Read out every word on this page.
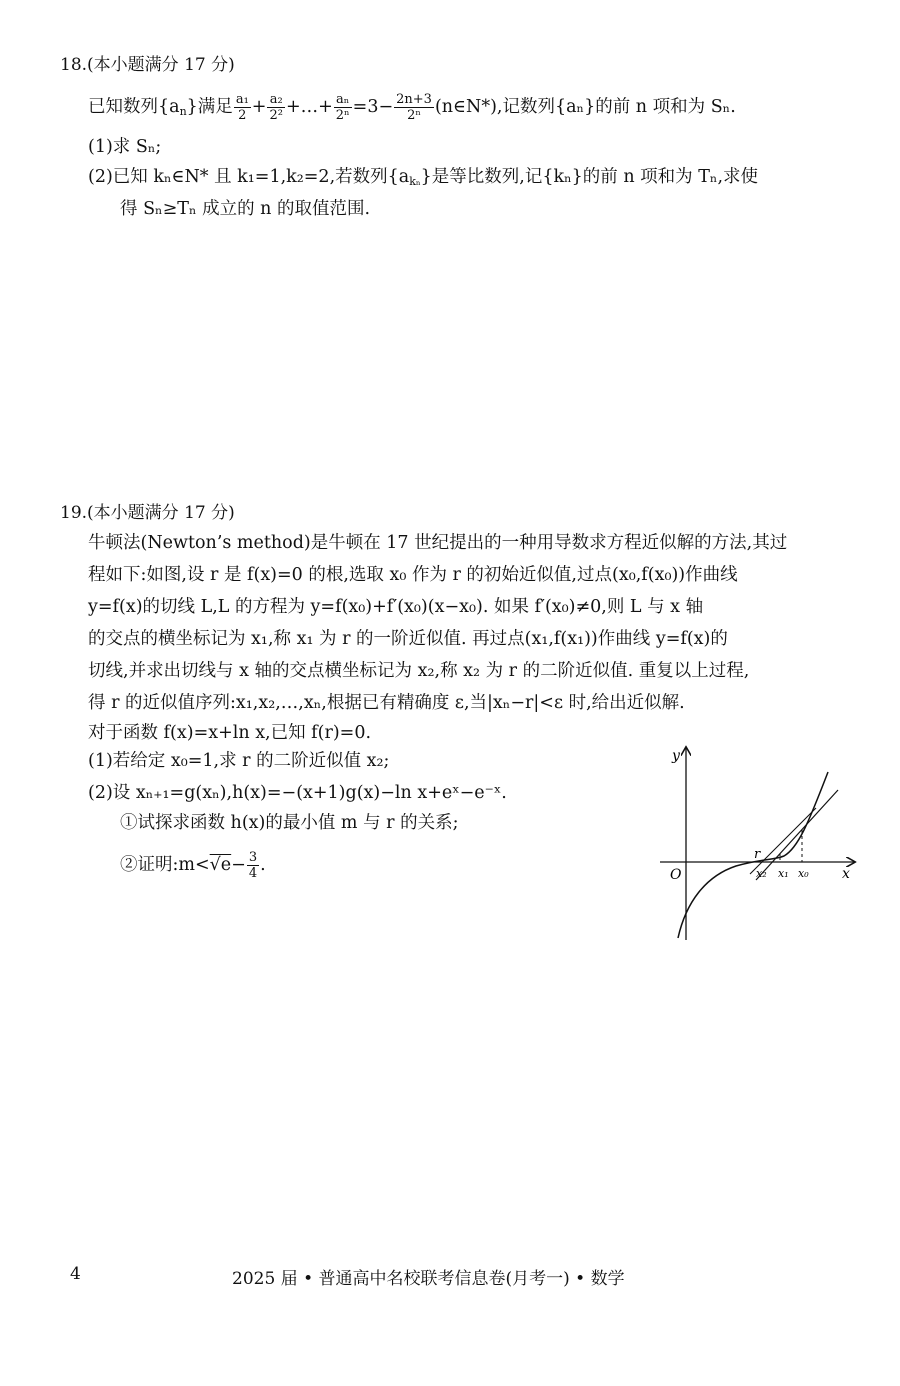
18.(本小题满分 17 分)
已知数列$\{a_n\}$满足 $\frac{\text{a₁}}{2} + \frac{\text{a₂}}{\text{2²}}$ +…+ $\frac{\text{aₙ}}{\text{2ⁿ}} =3- \frac{2n+3}{\text{2ⁿ}}$ (n∈N*),记数列{aₙ}的前 n 项和为 Sₙ.
(1)求 Sₙ;
(2)已知 kₙ∈N* 且 k₁=1,k₂=2,若数列$\{a_{k_n}\}$是等比数列,记{kₙ}的前 n 项和为 Tₙ,求使
得 Sₙ≥Tₙ 成立的 n 的取值范围.
19.(本小题满分 17 分)
牛顿法(Newton’s method)是牛顿在 17 世纪提出的一种用导数求方程近似解的方法,其过
程如下:如图,设 r 是 f(x)=0 的根,选取 x₀ 作为 r 的初始近似值,过点(x₀,f(x₀))作曲线
y=f(x)的切线 L,L 的方程为 y=f(x₀)+f′(x₀)(x−x₀). 如果 f′(x₀)≠0,则 L 与 x 轴
的交点的横坐标记为 x₁,称 x₁ 为 r 的一阶近似值. 再过点(x₁,f(x₁))作曲线 y=f(x)的
切线,并求出切线与 x 轴的交点横坐标记为 x₂,称 x₂ 为 r 的二阶近似值. 重复以上过程,
得 r 的近似值序列:x₁,x₂,…,xₙ,根据已有精确度 ε,当|xₙ−r|<ε 时,给出近似解.
对于函数 f(x)=x+ln x,已知 f(r)=0.
(1)若给定 x₀=1,求 r 的二阶近似值 x₂;
(2)设 xₙ₊₁=g(xₙ),h(x)=−(x+1)g(x)−ln x+eˣ−e⁻ˣ.
①试探求函数 h(x)的最小值 m 与 r 的关系;
②证明:m<√e− $\frac{3}{4}$ .
y
x
O
r
x₂ x₁ x₀
4	2025 届 • 普通高中名校联考信息卷(月考一) • 数学
